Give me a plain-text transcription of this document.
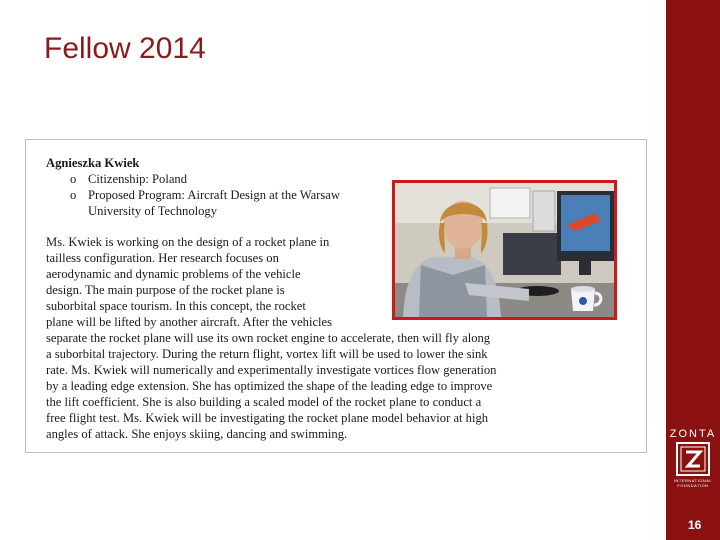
Fellow 2014
Agnieszka Kwiek
o Citizenship: Poland
o Proposed Program: Aircraft Design at the Warsaw University of Technology
Ms. Kwiek is working on the design of a rocket plane in
tailless configuration. Her research focuses on
aerodynamic and dynamic problems of the vehicle
design. The main purpose of the rocket plane is
suborbital space tourism. In this concept, the rocket
plane will be lifted by another aircraft. After the vehicles
separate the rocket plane will use its own rocket engine to accelerate, then will fly along
a suborbital trajectory. During the return flight, vortex lift will be used to lower the sink
rate. Ms. Kwiek will numerically and experimentally investigate vortices flow generation
by a leading edge extension. She has optimized the shape of the leading edge to improve
the lift coefficient. She is also building a scaled model of the rocket plane to conduct a
free flight test. Ms. Kwiek will be investigating the rocket plane model behavior at high
angles of attack. She enjoys skiing, dancing and swimming.	ZONTA
INTERNATIONAL FOUNDATION
16
